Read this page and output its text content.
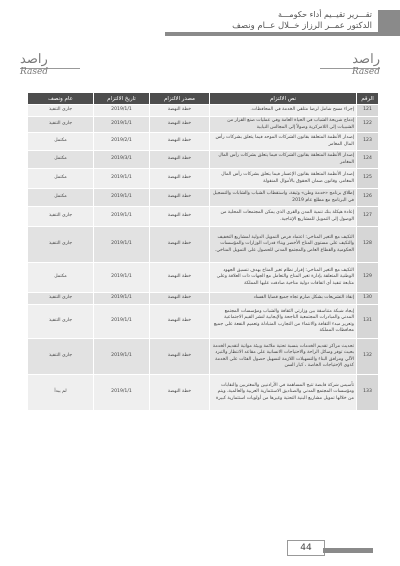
تقـــرير تقيــيم أداء حكومـــة
الدكتور عمــر الرزاز خــلال عــام ونصف
راصد
Rased
راصد
Rased
الرقم	نص الالتزام	مصدر الالتزام	تاريخ الالتزام	عام ونصف
121	إجراء مسح شامل لرضا متلقي الخدمة في المحافظات.	خطة النهضة	2019/1/1	جاري التنفيذ
122	إدماج شريحة الشباب في الحياة العامة وفي عمليات صنع القرار من الشبيبات إلى اللامركزية وصولاً إلى المجالس النيابية	خطة النهضة	2019/1/1	جاري التنفيذ
123	إصدار الأنظمة المتعلقة بقانون الشركات الموحد فيما يتعلق بشركات رأس المال المغامر	خطة النهضة	2019/2/1	مكتمل
124	إصدار الأنظمة المتعلقة بقانون الشركات فيما يتعلق بشركات رأس المال المغامر	خطة النهضة	2019/3/1	مكتمل
125	إصدار الأنظمة المتعلقة بقانون الإعسار فيما يتعلق بشركات رأس المال المغامر، وقانون ضمان الحقوق بالأموال المنقولة	خطة النهضة	2019/1/1	مكتمل
126	إطلاق برنامج «خدمة وطن» وثيقة، واستقطاب الشباب والشابات والتسجيل في البرنامج مع مطلع عام 2019	خطة النهضة	2019/1/1	مكتمل
127	إعادة هيكلة بنك تنمية المدن والقرى الذي يمكن المجتمعات المحلية من الوصول إلى التمويل للمشاريع الإنتاجية.	خطة النهضة	2019/1/1	جاري التنفيذ
128	التكيف مع التغير المناخي: اعتماد فرص التمويل الدولية لمشاريع التخفيف والتكيف على مستوى المناخ الأخضر وبناء قدرات الوزارات والمؤسسات الحكومية والقطاع العاص والمجتمع المدني للحصول على التمويل المناخي.	خطة النهضة	2019/1/1	جاري التنفيذ
129	التكيف مع التغير المناخي: إقرار نظام تغير المناخ بهدف تنسيق الجهود الوطنية المتعلقة بإدارة تغير المناخ والتعامل مع الجهات ذات العلاقة وعلى متابعة تنفيذ أي اتفاقات دولية مناخية صادقت عليها المملكة	خطة النهضة	2019/1/1	مكتمل
130	إنفاذ التشريعات بشكل صارم تجاه جميع قضايا الفساد	خطة النهضة	2019/1/1	جاري التنفيذ
131	إيجاد شبكة متناسقة بين وزارتي الثقافة والشباب ومؤسسات المجتمع المدني والمبادرات المجتمعية الناجحة والإيجابية لنشر القيم الاجتماعية وتعزيز مبدء الثقافة والانتماء من التجارب المتبادلة وتعميم النفعة على جميع محافظات المملكة	خطة النهضة	2019/1/1	جاري التنفيذ
132	تحديث مراكز تقديم الخدمات بنسبة تحتية ملائمة وبيئة مواتية لتقديم الخدمة بحيث توفر وسائل الراحة والاحتياجات الانسانية على مقاعد الانتظار والتبرد الآلي ومرافق البناء والتسهيلات اللازمة لتسهيل حصول الفئات على الخدمة كذوي الإحتياجات الخاصة ، كبار السن	خطة النهضة	2019/1/1	جاري التنفيذ
133	تأسيس شركة قابضة تتيح المساهمة في الأرادنيين والمغتربين والنقابات ومؤسسات المجتمع المدني والصناديق الاستثمارية العربية والعالمية، ويتم من خلالها تمويل مشاريع البنية التحتية وغيرها من أولويات استثمارية كبيرة	خطة النهضة	2019/1/1	لم يبدأ
44
